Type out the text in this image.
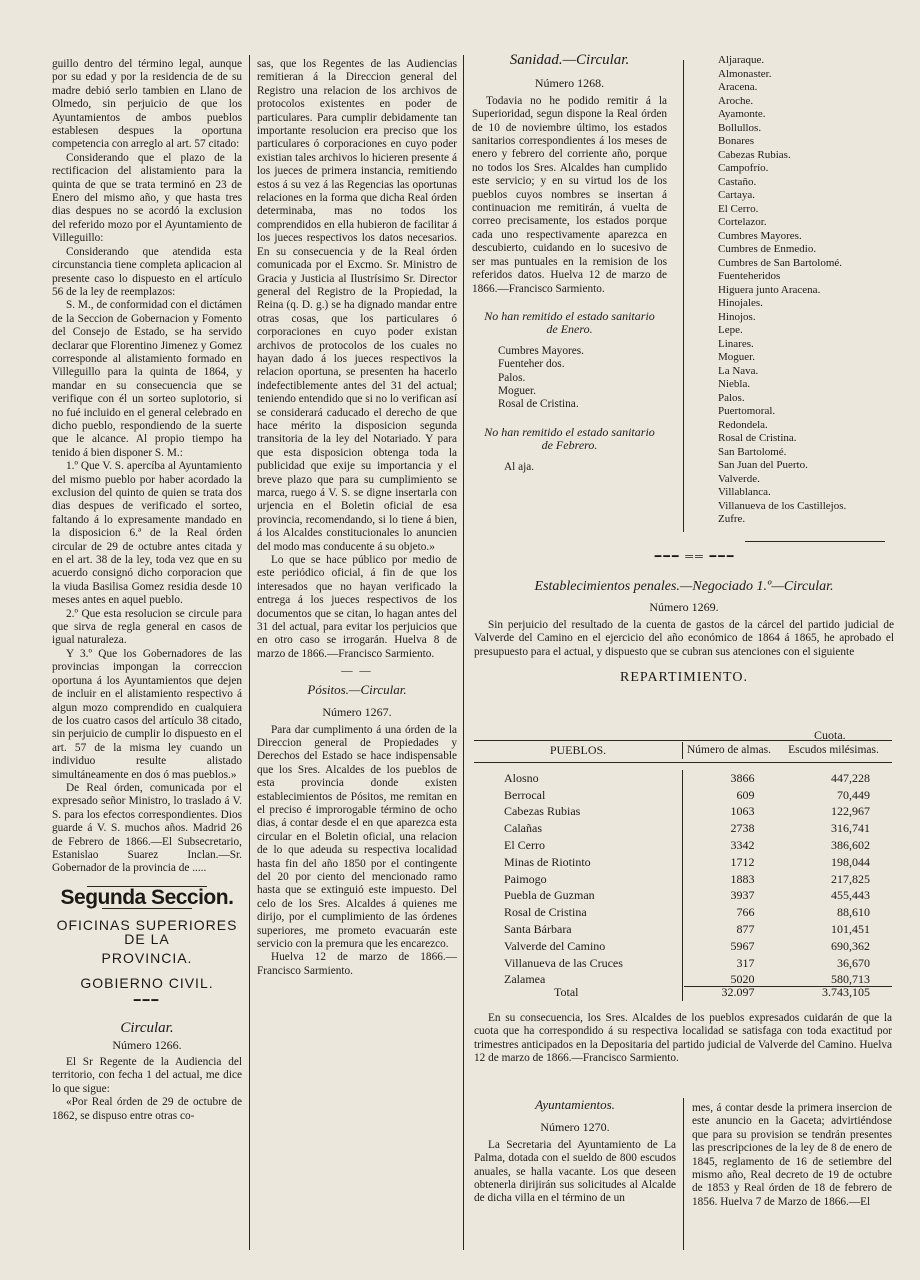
guillo dentro del término legal, aunque por su edad y por la residencia de de su madre debió serlo tambien en Llano de Olmedo, sin perjuicio de que los Ayuntamientos de ambos pueblos establesen despues la oportuna competencia con arreglo al art. 57 citado:

Considerando que el plazo de la rectificacion del alistamiento para la quinta de que se trata terminó en 23 de Enero del mismo año, y que hasta tres dias despues no se acordó la exclusion del referido mozo por el Ayuntamiento de Villeguillo:

Considerando que atendida esta circunstancia tiene completa aplicacion al presente caso lo dispuesto en el artículo 56 de la ley de reemplazos:

S. M., de conformidad con el dictámen de la Seccion de Gobernacion y Fomento del Consejo de Estado, se ha servido declarar que Florentino Jimenez y Gomez corresponde al alistamiento formado en Villeguillo para la quinta de 1864, y mandar en su consecuencia que se verifique con él un sorteo suplotorio, si no fué incluido en el general celebrado en dicho pueblo, respondiendo de la suerte que le alcance. Al propio tiempo ha tenido á bien disponer S. M.:

1.º Que V. S. apercíba al Ayuntamiento del mismo pueblo por haber acordado la exclusion del quinto de quien se trata dos dias despues de verificado el sorteo, faltando á lo expresamente mandado en la disposicion 6.ª de la Real órden circular de 29 de octubre antes citada y en el art. 38 de la ley, toda vez que en su acuerdo consignó dicho corporacion que la viuda Basilisa Gomez residia desde 10 meses antes en aquel pueblo.

2.º Que esta resolucion se circule para que sirva de regla general en casos de igual naturaleza.

Y 3.º Que los Gobernadores de las provincias impongan la correccion oportuna á los Ayuntamientos que dejen de incluir en el alistamiento respectivo á algun mozo comprendido en cualquiera de los cuatro casos del artículo 38 citado, sin perjuicio de cumplir lo dispuesto en el art. 57 de la misma ley cuando un individuo resulte alistado simultáneamente en dos ó mas pueblos.»

De Real órden, comunicada por el expresado señor Ministro, lo traslado á V. S. para los efectos correspondientes. Dios guarde á V. S. muchos años. Madrid 26 de Febrero de 1866.—El Subsecretario, Estanislao Suarez Inclan.—Sr. Gobernador de la provincia de .....

Segunda Seccion.
OFICINAS SUPERIORES DE LA
PROVINCIA.
GOBIERNO CIVIL.
━━━
Circular.
Número 1266.

El Sr Regente de la Audiencia del territorio, con fecha 1 del actual, me dice lo que sigue:

«Por Real órden de 29 de octubre de 1862, se dispuso entre otras co-

sas, que los Regentes de las Audiencias remitieran á la Direccion general del Registro una relacion de los archivos de protocolos existentes en poder de particulares. Para cumplir debidamente tan importante resolucion era preciso que los particulares ó corporaciones en cuyo poder existian tales archivos lo hicieren presente á los jueces de primera instancia, remitiendo estos á su vez á las Regencias las oportunas relaciones en la forma que dicha Real órden determinaba, mas no todos los comprendidos en ella hubieron de facilitar á los jueces respectivos los datos necesarios. En su consecuencia y de la Real órden comunicada por el Excmo. Sr. Ministro de Gracia y Justicia al Ilustrísimo Sr. Director general del Registro de la Propiedad, la Reina (q. D. g.) se ha dignado mandar entre otras cosas, que los particulares ó corporaciones en cuyo poder existan archivos de protocolos de los cuales no hayan dado á los jueces respectivos la relacion oportuna, se presenten ha hacerlo indefectiblemente antes del 31 del actual; teniendo entendido que si no lo verifican así se considerará caducado el derecho de que hace mérito la disposicion segunda transitoria de la ley del Notariado. Y para que esta disposicion obtenga toda la publicidad que exije su importancia y el breve plazo que para su cumplimiento se marca, ruego á V. S. se digne insertarla con urjencia en el Boletin oficial de esa provincia, recomendando, si lo tiene á bien, á los Alcaldes constitucionales lo anuncien del modo mas conducente á su objeto.»

Lo que se hace público por medio de este periódico oficial, á fin de que los interesados que no hayan verificado la entrega á los jueces respectivos de los documentos que se citan, lo hagan antes del 31 del actual, para evitar los perjuicios que en otro caso se irrogarán. Huelva 8 de marzo de 1866.—Francisco Sarmiento.

— —
Pósitos.—Circular.
Número 1267.

Para dar cumplimento á una órden de la Direccion general de Propiedades y Derechos del Estado se hace indispensable que los Sres. Alcaldes de los pueblos de esta provincia donde existen establecimientos de Pósitos, me remitan en el preciso é improrogable término de ocho dias, á contar desde el en que aparezca esta circular en el Boletin oficial, una relacion de lo que adeuda su respectiva localidad hasta fin del año 1850 por el contingente del 20 por ciento del mencionado ramo hasta que se extinguió este impuesto. Del celo de los Sres. Alcaldes á quienes me dirijo, por el cumplimiento de las órdenes superiores, me prometo evacuarán este servicio con la premura que les encarezco.

Huelva 12 de marzo de 1866.—Francisco Sarmiento.

Sanidad.—Circular.
Número 1268.

Todavia no he podido remitir á la Superioridad, segun dispone la Real órden de 10 de noviembre último, los estados sanitarios correspondientes á los meses de enero y febrero del corriente año, porque no todos los Sres. Alcaldes han cumplido este servicio; y en su virtud los de los pueblos cuyos nombres se insertan á continuacion me remitirán, á vuelta de correo precisamente, los estados porque cada uno respectivamente aparezca en descubierto, cuidando en lo sucesivo de ser mas puntuales en la remision de los referidos datos. Huelva 12 de marzo de 1866.—Francisco Sarmiento.

No han remitido el estado sanitario de Enero.
Cumbres Mayores.
Fuenteher dos.
Palos.
Moguer.
Rosal de Cristina.
No han remitido el estado sanitario de Febrero.
Al aja.
Aljaraque.
Almonaster.
Aracena.
Aroche.
Ayamonte.
Bollullos.
Bonares
Cabezas Rubias.
Campofrío.
Castaño.
Cartaya.
El Cerro.
Cortelazor.
Cumbres Mayores.
Cumbres de Enmedio.
Cumbres de San Bartolomé.
Fuenteheridos
Higuera junto Aracena.
Hinojales.
Hinojos.
Lepe.
Linares.
Moguer.
La Nava.
Niebla.
Palos.
Puertomoral.
Redondela.
Rosal de Cristina.
San Bartolomé.
San Juan del Puerto.
Valverde.
Villablanca.
Villanueva de los Castillejos.
Zufre.
━━━ ══ ━━━
Establecimientos penales.—Negociado 1.º—Circular.
Número 1269.

Sin perjuicio del resultado de la cuenta de gastos de la cárcel del partido judicial de Valverde del Camino en el ejercicio del año económico de 1864 á 1865, he aprobado el presupuesto para el actual, y dispuesto que se cubran sus atenciones con el siguiente

REPARTIMIENTO.
Cuota.
PUEBLOS.	Número de almas.	Escudos milésimas.
Alosno	3866	447,228
Berrocal	609	70,449
Cabezas Rubias	1063	122,967
Calañas	2738	316,741
El Cerro	3342	386,602
Minas de Riotinto	1712	198,044
Paimogo	1883	217,825
Puebla de Guzman	3937	455,443
Rosal de Cristina	766	88,610
Santa Bárbara	877	101,451
Valverde del Camino	5967	690,362
Villanueva de las Cruces	317	36,670
Zalamea	5020	580,713
Total	32.097	3.743,105

En su consecuencia, los Sres. Alcaldes de los pueblos expresados cuidarán de que la cuota que ha correspondido á su respectiva localidad se satisfaga con toda exactitud por trimestres anticipados en la Depositaria del partido judicial de Valverde del Camino. Huelva 12 de marzo de 1866.—Francisco Sarmiento.

Ayuntamientos.
Número 1270.

La Secretaria del Ayuntamiento de La Palma, dotada con el sueldo de 800 escudos anuales, se halla vacante. Los que deseen obtenerla dirijirán sus solicitudes al Alcalde de dicha villa en el término de un

mes, á contar desde la primera insercion de este anuncio en la Gaceta; advirtiéndose que para su provision se tendrán presentes las prescripciones de la ley de 8 de enero de 1845, reglamento de 16 de setiembre del mismo año, Real decreto de 19 de octubre de 1853 y Real órden de 18 de febrero de 1856. Huelva 7 de Marzo de 1866.—El
